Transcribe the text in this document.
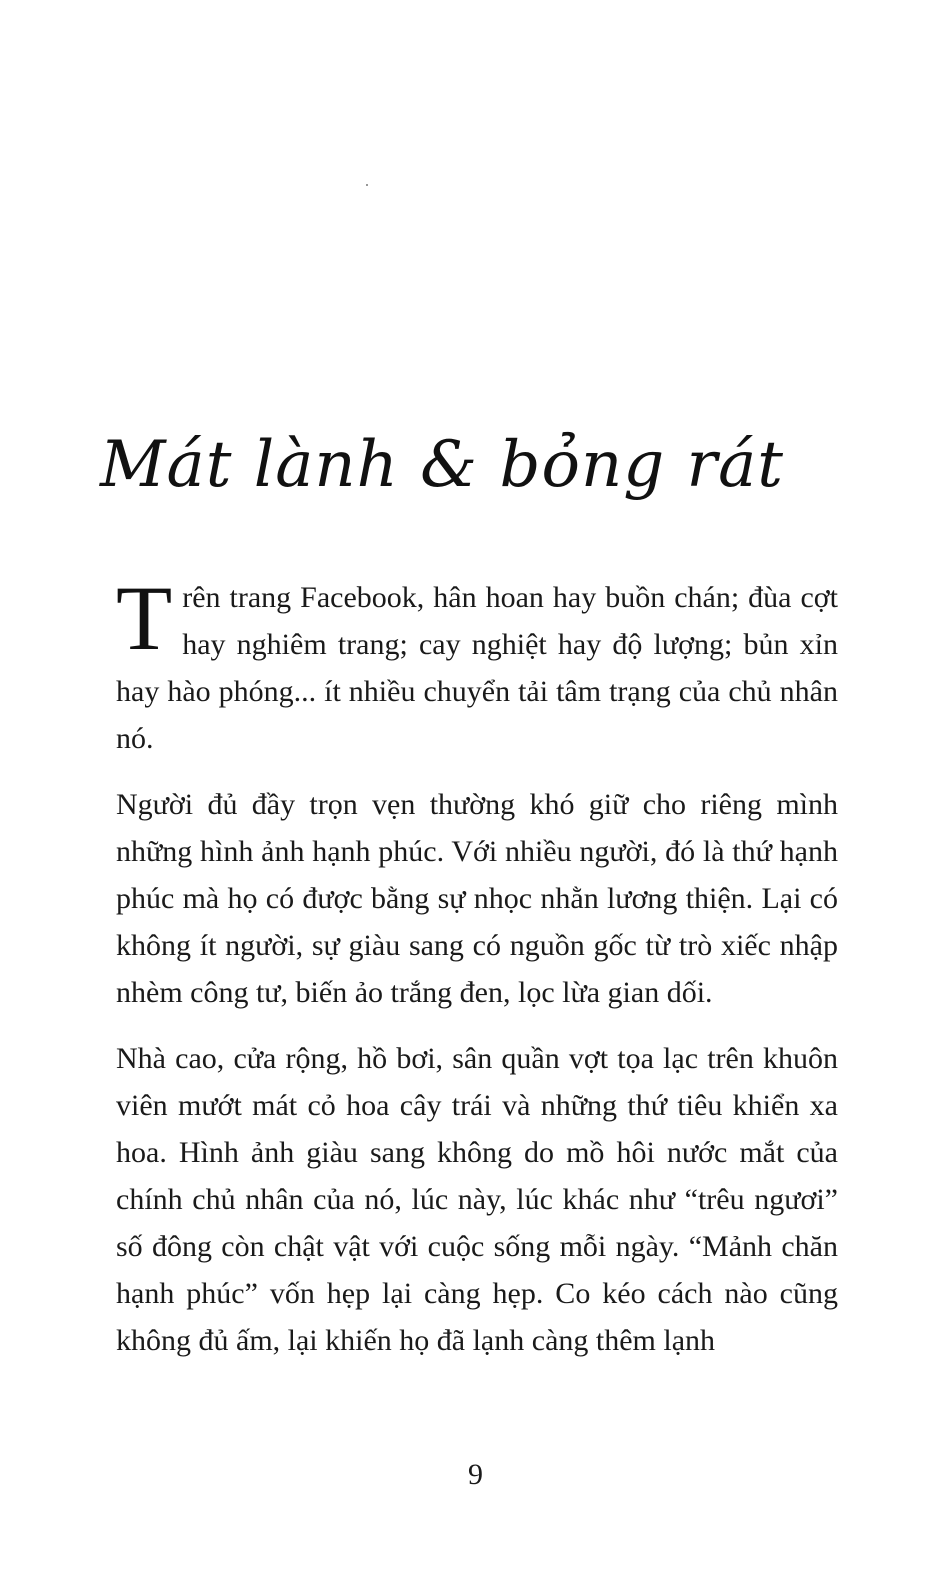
Mát lành & bỏng rát

Trên trang Facebook, hân hoan hay buồn chán; đùa cợt hay nghiêm trang; cay nghiệt hay độ lượng; bủn xỉn hay hào phóng... ít nhiều chuyển tải tâm trạng của chủ nhân nó.

Người đủ đầy trọn vẹn thường khó giữ cho riêng mình những hình ảnh hạnh phúc. Với nhiều người, đó là thứ hạnh phúc mà họ có được bằng sự nhọc nhằn lương thiện. Lại có không ít người, sự giàu sang có nguồn gốc từ trò xiếc nhập nhèm công tư, biến ảo trắng đen, lọc lừa gian dối.

Nhà cao, cửa rộng, hồ bơi, sân quần vợt tọa lạc trên khuôn viên mướt mát cỏ hoa cây trái và những thứ tiêu khiển xa hoa. Hình ảnh giàu sang không do mồ hôi nước mắt của chính chủ nhân của nó, lúc này, lúc khác như “trêu ngươi” số đông còn chật vật với cuộc sống mỗi ngày. “Mảnh chăn hạnh phúc” vốn hẹp lại càng hẹp. Co kéo cách nào cũng không đủ ấm, lại khiến họ đã lạnh càng thêm lạnh

9
